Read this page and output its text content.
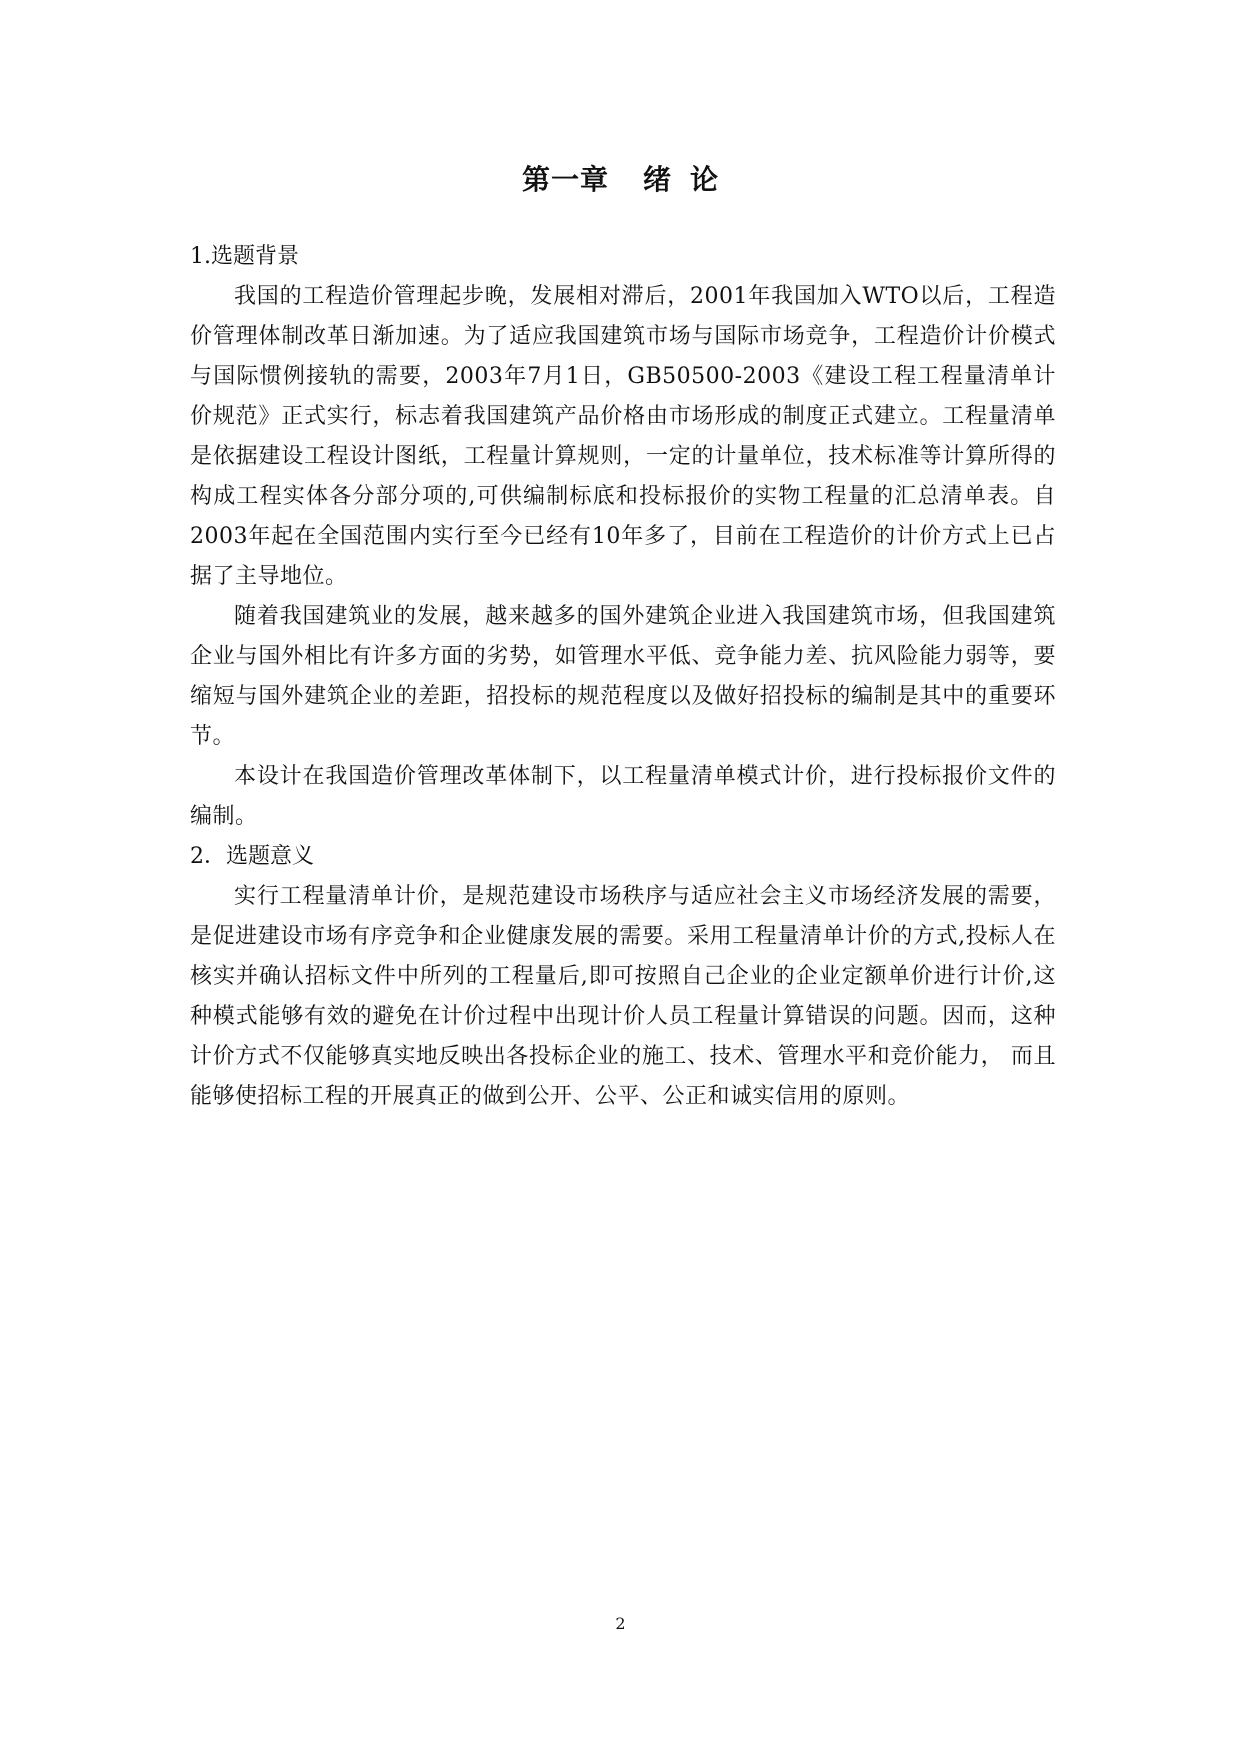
第一章 绪 论

1.选题背景

我国的工程造价管理起步晚，发展相对滞后，2001年我国加入WTO以后，工程造价管理体制改革日渐加速。为了适应我国建筑市场与国际市场竞争，工程造价计价模式与国际惯例接轨的需要，2003年7月1日，GB50500-2003《建设工程工程量清单计价规范》正式实行，标志着我国建筑产品价格由市场形成的制度正式建立。工程量清单是依据建设工程设计图纸，工程量计算规则，一定的计量单位，技术标准等计算所得的构成工程实体各分部分项的,可供编制标底和投标报价的实物工程量的汇总清单表。自2003年起在全国范围内实行至今已经有10年多了，目前在工程造价的计价方式上已占据了主导地位。

随着我国建筑业的发展，越来越多的国外建筑企业进入我国建筑市场，但我国建筑企业与国外相比有许多方面的劣势，如管理水平低、竞争能力差、抗风险能力弱等，要缩短与国外建筑企业的差距，招投标的规范程度以及做好招投标的编制是其中的重要环节。

本设计在我国造价管理改革体制下，以工程量清单模式计价，进行投标报价文件的编制。

2．选题意义

实行工程量清单计价，是规范建设市场秩序与适应社会主义市场经济发展的需要，是促进建设市场有序竞争和企业健康发展的需要。采用工程量清单计价的方式,投标人在核实并确认招标文件中所列的工程量后,即可按照自己企业的企业定额单价进行计价,这种模式能够有效的避免在计价过程中出现计价人员工程量计算错误的问题。因而，这种计价方式不仅能够真实地反映出各投标企业的施工、技术、管理水平和竞价能力， 而且能够使招标工程的开展真正的做到公开、公平、公正和诚实信用的原则。

2
